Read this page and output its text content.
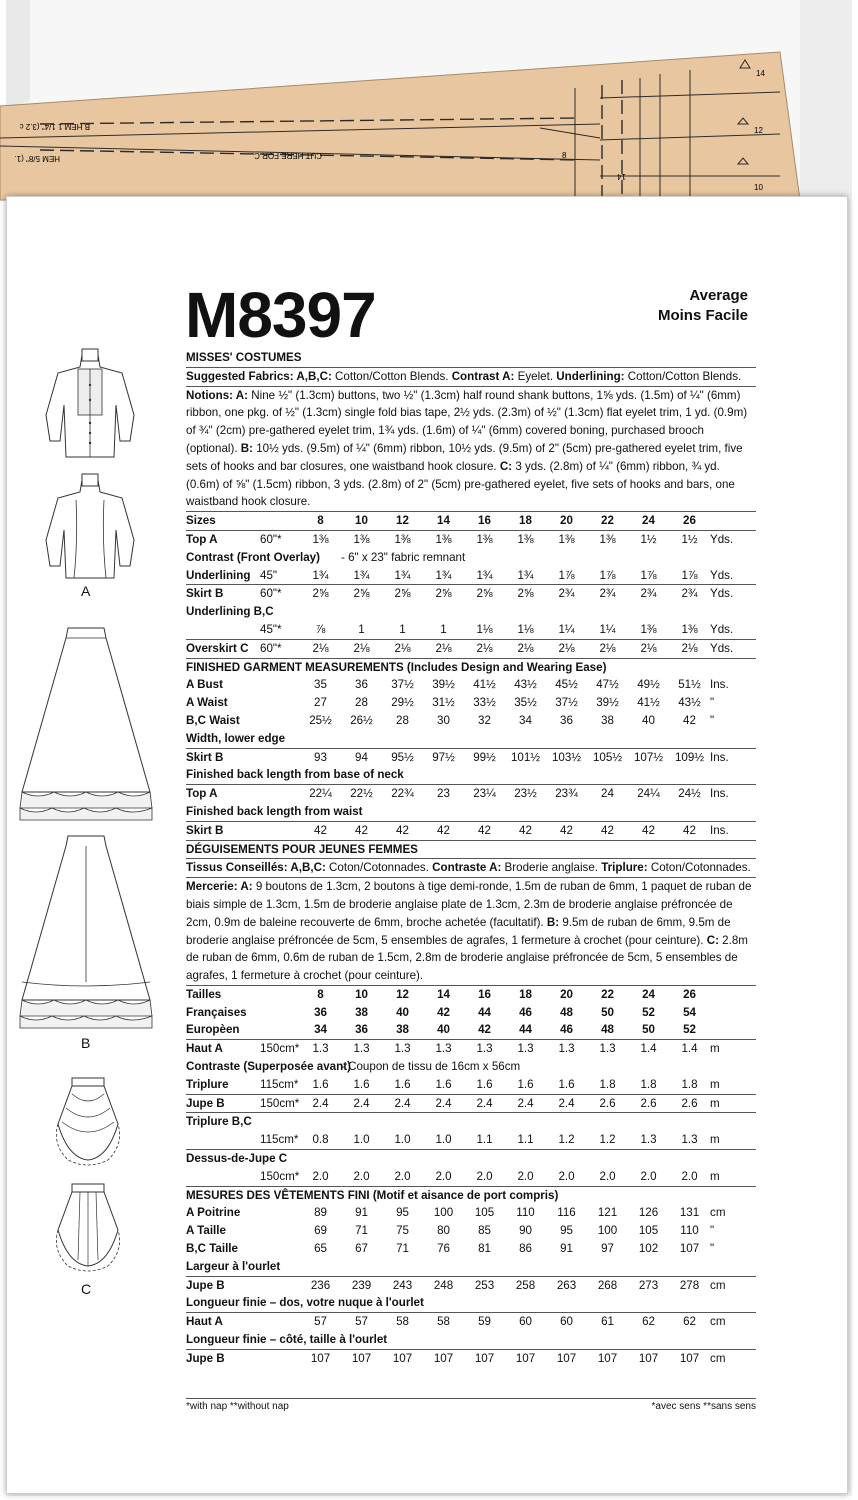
14
12
10
8
14
B HEM 1 1/4" (3.2 c
HEM 5/8" (1.	CUT HERE FOR C
M8397	Average
Moins Facile
A
B
C
MISSES' COSTUMES

Suggested Fabrics: A,B,C: Cotton/Cotton Blends. Contrast A: Eyelet. Underlining: Cotton/Cotton Blends.

Notions: A: Nine ½" (1.3cm) buttons, two ½" (1.3cm) half round shank buttons, 1⅝ yds. (1.5m) of ¼" (6mm) ribbon, one pkg. of ½" (1.3cm) single fold bias tape, 2½ yds. (2.3m) of ½" (1.3cm) flat eyelet trim, 1 yd. (0.9m) of ¾" (2cm) pre-gathered eyelet trim, 1¾ yds. (1.6m) of ¼" (6mm) covered boning, purchased brooch (optional). B: 10½ yds. (9.5m) of ¼" (6mm) ribbon, 10½ yds. (9.5m) of 2" (5cm) pre-gathered eyelet trim, five sets of hooks and bar closures, one waistband hook closure. C: 3 yds. (2.8m) of ¼" (6mm) ribbon, ¾ yd. (0.6m) of ⅝" (1.5cm) ribbon, 3 yds. (2.8m) of 2" (5cm) pre-gathered eyelet, five sets of hooks and bars, one waistband hook closure.

Sizes		8	10	12	14	16	18	20	22	24	26	
Top A	60"*	1⅜	1⅜	1⅜	1⅜	1⅜	1⅜	1⅜	1⅜	1½	1½	Yds.
Contrast (Front Overlay)			- 6" x 23" fabric remnant									
Underlining	45"	1¾	1¾	1¾	1¾	1¾	1¾	1⅞	1⅞	1⅞	1⅞	Yds.
Skirt B	60"*	2⅝	2⅝	2⅝	2⅝	2⅝	2⅝	2¾	2¾	2¾	2¾	Yds.
Underlining B,C												
	45"*	⅞	1	1	1	1⅛	1⅛	1¼	1¼	1⅜	1⅜	Yds.
Overskirt C	60"*	2⅛	2⅛	2⅛	2⅛	2⅛	2⅛	2⅛	2⅛	2⅛	2⅛	Yds.
FINISHED GARMENT MEASUREMENTS (Includes Design and Wearing Ease)
A Bust	35	36	37½	39½	41½	43½	45½	47½	49½	51½	Ins.
A Waist	27	28	29½	31½	33½	35½	37½	39½	41½	43½	"
B,C Waist	25½	26½	28	30	32	34	36	38	40	42	"
Width, lower edge											
Skirt B	93	94	95½	97½	99½	101½	103½	105½	107½	109½	Ins.
Finished back length from base of neck											
Top A	22¼	22½	22¾	23	23¼	23½	23¾	24	24¼	24½	Ins.
Finished back length from waist											
Skirt B	42	42	42	42	42	42	42	42	42	42	Ins.
DÉGUISEMENTS POUR JEUNES FEMMES

Tissus Conseillés: A,B,C: Coton/Cotonnades. Contraste A: Broderie anglaise. Triplure: Coton/Cotonnades.

Mercerie: A: 9 boutons de 1.3cm, 2 boutons à tige demi-ronde, 1.5m de ruban de 6mm, 1 paquet de ruban de biais simple de 1.3cm, 1.5m de broderie anglaise plate de 1.3cm, 2.3m de broderie anglaise préfroncée de 2cm, 0.9m de baleine recouverte de 6mm, broche achetée (facultatif). B: 9.5m de ruban de 6mm, 9.5m de broderie anglaise préfroncée de 5cm, 5 ensembles de agrafes, 1 fermeture à crochet (pour ceinture). C: 2.8m de ruban de 6mm, 0.6m de ruban de 1.5cm, 2.8m de broderie anglaise préfroncée de 5cm, 5 ensembles de agrafes, 1 fermeture à crochet (pour ceinture).

Tailles		8	10	12	14	16	18	20	22	24	26	
Françaises		36	38	40	42	44	46	48	50	52	54	
Europèen		34	36	38	40	42	44	46	48	50	52	
Haut A	150cm*	1.3	1.3	1.3	1.3	1.3	1.3	1.3	1.3	1.4	1.4	m
Contraste (Superposée avant)			- Coupon de tissu de 16cm x 56cm									
Triplure	115cm*	1.6	1.6	1.6	1.6	1.6	1.6	1.6	1.8	1.8	1.8	m
Jupe B	150cm*	2.4	2.4	2.4	2.4	2.4	2.4	2.4	2.6	2.6	2.6	m
Triplure B,C												
	115cm*	0.8	1.0	1.0	1.0	1.1	1.1	1.2	1.2	1.3	1.3	m
Dessus-de-Jupe C												
	150cm*	2.0	2.0	2.0	2.0	2.0	2.0	2.0	2.0	2.0	2.0	m
MESURES DES VÊTEMENTS FINI (Motif et aisance de port compris)
A Poitrine	89	91	95	100	105	110	116	121	126	131	cm
A Taille	69	71	75	80	85	90	95	100	105	110	"
B,C Taille	65	67	71	76	81	86	91	97	102	107	"
Largeur à l'ourlet											
Jupe B	236	239	243	248	253	258	263	268	273	278	cm
Longueur finie – dos, votre nuque à l'ourlet											
Haut A	57	57	58	58	59	60	60	61	62	62	cm
Longueur finie – côté, taille à l'ourlet											
Jupe B	107	107	107	107	107	107	107	107	107	107	cm
*with nap **without nap	*avec sens **sans sens
